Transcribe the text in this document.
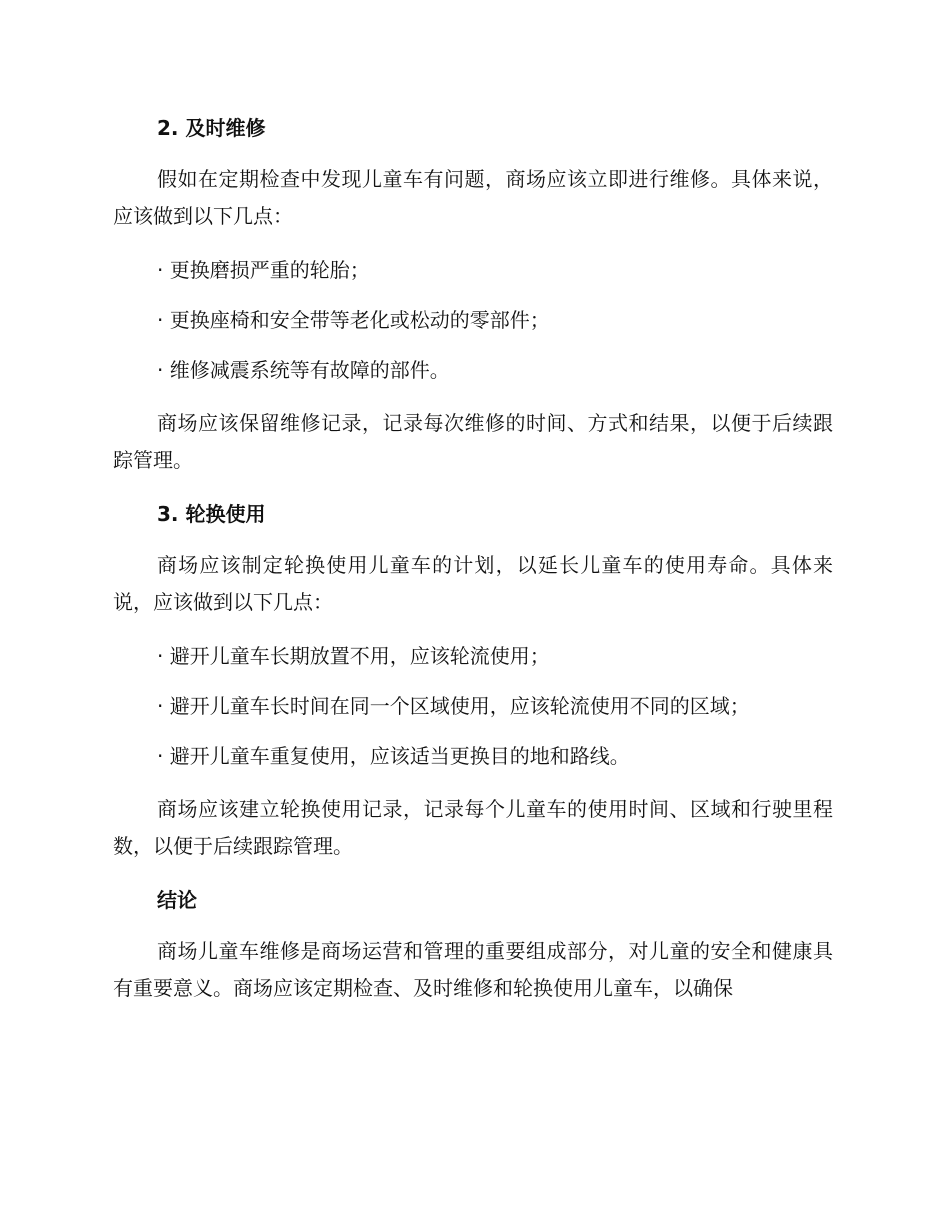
2. 及时维修

假如在定期检查中发现儿童车有问题，商场应该立即进行维修。具体来说，应该做到以下几点：

· 更换磨损严重的轮胎；

· 更换座椅和安全带等老化或松动的零部件；

· 维修减震系统等有故障的部件。

商场应该保留维修记录，记录每次维修的时间、方式和结果，以便于后续跟踪管理。

3. 轮换使用

商场应该制定轮换使用儿童车的计划，以延长儿童车的使用寿命。具体来说，应该做到以下几点：

· 避开儿童车长期放置不用，应该轮流使用；

· 避开儿童车长时间在同一个区域使用，应该轮流使用不同的区域；

· 避开儿童车重复使用，应该适当更换目的地和路线。

商场应该建立轮换使用记录，记录每个儿童车的使用时间、区域和行驶里程数，以便于后续跟踪管理。

结论

商场儿童车维修是商场运营和管理的重要组成部分，对儿童的安全和健康具有重要意义。商场应该定期检查、及时维修和轮换使用儿童车，以确保
